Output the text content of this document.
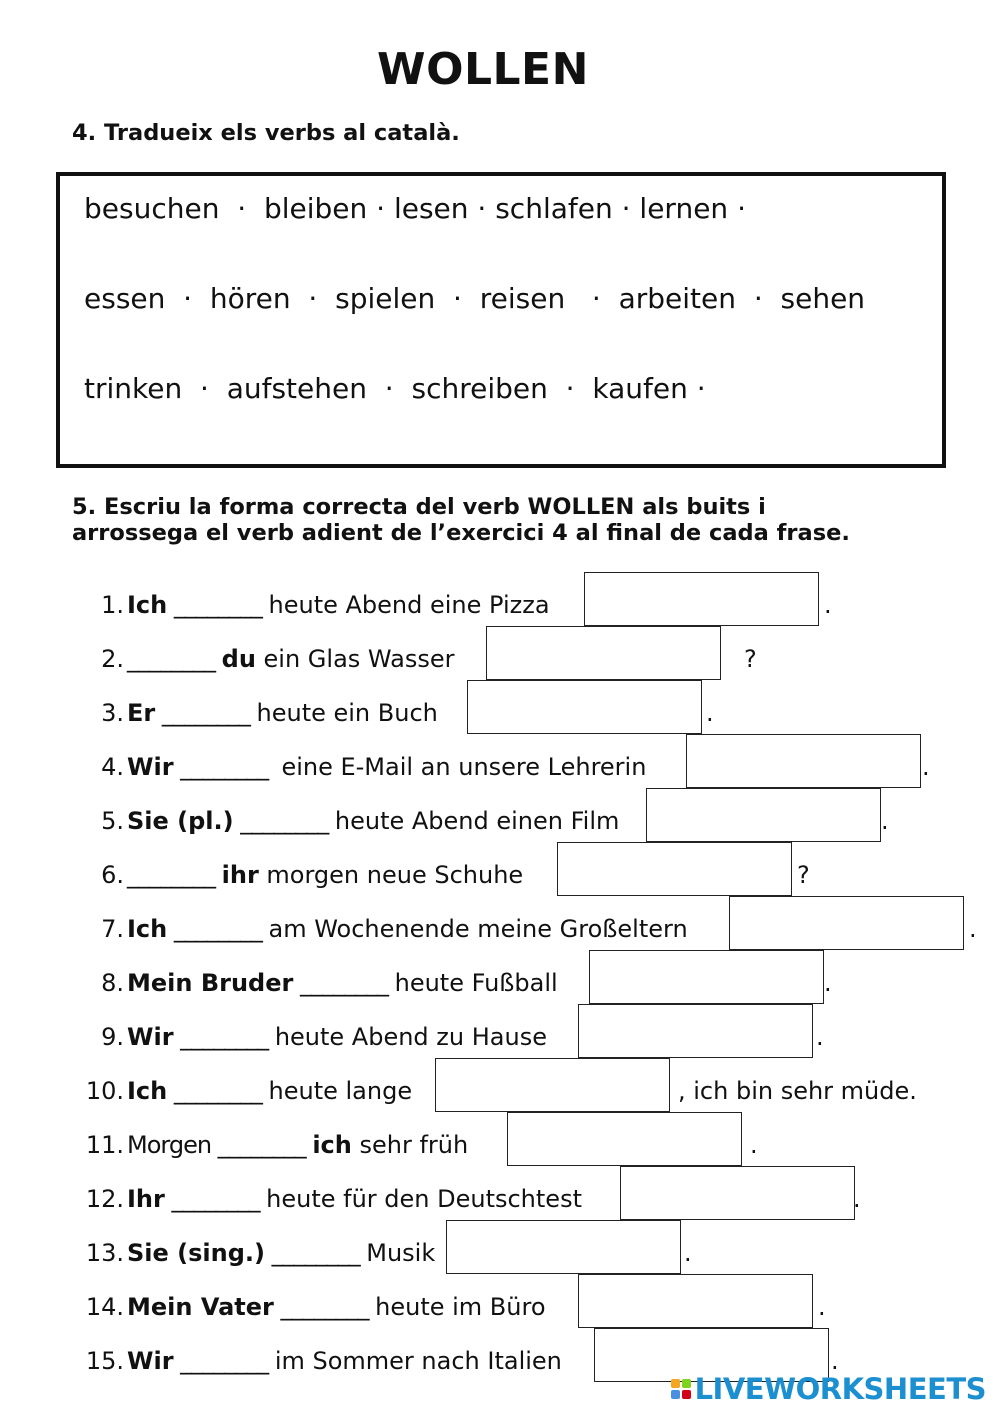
WOLLEN
4. Tradueix els verbs al català.
besuchen  ·  bleiben · lesen · schlafen · lernen ·
essen  ·  hören  ·  spielen  ·  reisen   ·  arbeiten  ·  sehen
trinken  ·  aufstehen  ·  schreiben  ·  kaufen ·
5. Escriu la forma correcta del verb WOLLEN als buits i
arrossega el verb adient de l’exercici 4 al final de cada frase.
1. Ich ________ heute Abend eine Pizza	.
2. ________ du ein Glas Wasser	?
3. Er ________ heute ein Buch	.
4. Wir ________  eine E-Mail an unsere Lehrerin	.
5. Sie (pl.) ________ heute Abend einen Film	.
6. ________ ihr morgen neue Schuhe	?
7. Ich ________ am Wochenende meine Großeltern	.
8. Mein Bruder ________ heute Fußball	.
9. Wir ________ heute Abend zu Hause	.
10. Ich ________ heute lange	, ich bin sehr müde.
11. Morgen ________ ich sehr früh	.
12. Ihr ________ heute für den Deutschtest	.
13. Sie (sing.) ________ Musik	.
14. Mein Vater ________ heute im Büro	.
15. Wir ________ im Sommer nach Italien	.
LIVEWORKSHEETS
